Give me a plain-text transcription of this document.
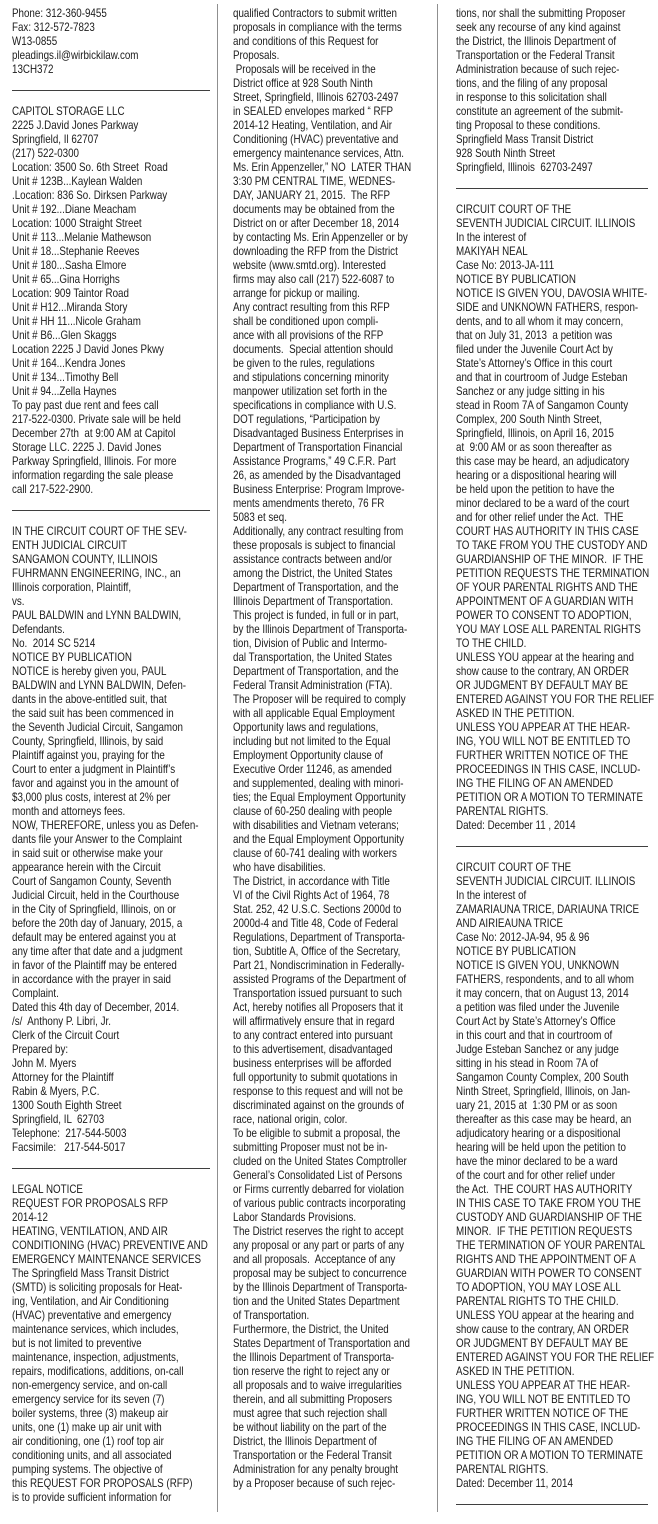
Phone: 312-360-9455
Fax: 312-572-7823
W13-0855
pleadings.il@wirbickilaw.com
13CH372
CAPITOL STORAGE LLC
2225 J.David Jones Parkway
Springfield, Il 62707
(217) 522-0300
Location: 3500 So. 6th Street  Road
Unit # 123B...Kaylean Walden
.Location: 836 So. Dirksen Parkway
Unit # 192...Diane Meacham
Location: 1000 Straight Street
Unit # 113...Melanie Mathewson
Unit # 18...Stephanie Reeves
Unit # 180...Sasha Elmore
Unit # 65...Gina Horrighs
Location: 909 Taintor Road
Unit # H12...Miranda Story
Unit # HH 11...Nicole Graham
Unit # B6...Glen Skaggs
Location 2225 J David Jones Pkwy
Unit # 164...Kendra Jones
Unit # 134...Timothy Bell
Unit # 94...Zella Haynes
To pay past due rent and fees call
217-522-0300. Private sale will be held
December 27th  at 9:00 AM at Capitol
Storage LLC. 2225 J. David Jones
Parkway Springfield, Illinois. For more
information regarding the sale please
call 217-522-2900.
IN THE CIRCUIT COURT OF THE SEV-
ENTH JUDICIAL CIRCUIT
SANGAMON COUNTY, ILLINOIS
FUHRMANN ENGINEERING, INC., an
Illinois corporation, Plaintiff,
vs.
PAUL BALDWIN and LYNN BALDWIN,
Defendants.
No.  2014 SC 5214
NOTICE BY PUBLICATION
NOTICE is hereby given you, PAUL
BALDWIN and LYNN BALDWIN, Defen-
dants in the above-entitled suit, that
the said suit has been commenced in
the Seventh Judicial Circuit, Sangamon
County, Springfield, Illinois, by said
Plaintiff against you, praying for the
Court to enter a judgment in Plaintiff’s
favor and against you in the amount of
$3,000 plus costs, interest at 2% per
month and attorneys fees.
NOW, THEREFORE, unless you as Defen-
dants file your Answer to the Complaint
in said suit or otherwise make your
appearance herein with the Circuit
Court of Sangamon County, Seventh
Judicial Circuit, held in the Courthouse
in the City of Springfield, Illinois, on or
before the 20th day of January, 2015, a
default may be entered against you at
any time after that date and a judgment
in favor of the Plaintiff may be entered
in accordance with the prayer in said
Complaint.
Dated this 4th day of December, 2014.
/s/  Anthony P. Libri, Jr.
Clerk of the Circuit Court
Prepared by:
John M. Myers
Attorney for the Plaintiff
Rabin & Myers, P.C.
1300 South Eighth Street
Springfield, IL  62703
Telephone:  217-544-5003
Facsimile:   217-544-5017
LEGAL NOTICE
REQUEST FOR PROPOSALS RFP
2014-12
HEATING, VENTILATION, AND AIR
CONDITIONING (HVAC) PREVENTIVE AND
EMERGENCY MAINTENANCE SERVICES
The Springfield Mass Transit District
(SMTD) is soliciting proposals for Heat-
ing, Ventilation, and Air Conditioning
(HVAC) preventative and emergency
maintenance services, which includes,
but is not limited to preventive
maintenance, inspection, adjustments,
repairs, modifications, additions, on-call
non-emergency service, and on-call
emergency service for its seven (7)
boiler systems, three (3) makeup air
units, one (1) make up air unit with
air conditioning, one (1) roof top air
conditioning units, and all associated
pumping systems. The objective of
this REQUEST FOR PROPOSALS (RFP)
is to provide sufficient information for
qualified Contractors to submit written
proposals in compliance with the terms
and conditions of this Request for
Proposals.
Proposals will be received in the
District office at 928 South Ninth
Street, Springfield, Illinois 62703-2497
in SEALED envelopes marked “ RFP
2014-12 Heating, Ventilation, and Air
Conditioning (HVAC) preventative and
emergency maintenance services, Attn.
Ms. Erin Appenzeller,” NO  LATER THAN
3:30 PM CENTRAL TIME, WEDNES-
DAY, JANUARY 21, 2015.  The RFP
documents may be obtained from the
District on or after December 18, 2014
by contacting Ms. Erin Appenzeller or by
downloading the RFP from the District
website (www.smtd.org). Interested
firms may also call (217) 522-6087 to
arrange for pickup or mailing.
Any contract resulting from this RFP
shall be conditioned upon compli-
ance with all provisions of the RFP
documents.  Special attention should
be given to the rules, regulations
and stipulations concerning minority
manpower utilization set forth in the
specifications in compliance with U.S.
DOT regulations, “Participation by
Disadvantaged Business Enterprises in
Department of Transportation Financial
Assistance Programs,” 49 C.F.R. Part
26, as amended by the Disadvantaged
Business Enterprise: Program Improve-
ments amendments thereto, 76 FR
5083 et seq.
Additionally, any contract resulting from
these proposals is subject to financial
assistance contracts between and/or
among the District, the United States
Department of Transportation, and the
Illinois Department of Transportation.
This project is funded, in full or in part,
by the Illinois Department of Transporta-
tion, Division of Public and Intermo-
dal Transportation, the United States
Department of Transportation, and the
Federal Transit Administration (FTA).
The Proposer will be required to comply
with all applicable Equal Employment
Opportunity laws and regulations,
including but not limited to the Equal
Employment Opportunity clause of
Executive Order 11246, as amended
and supplemented, dealing with minori-
ties; the Equal Employment Opportunity
clause of 60-250 dealing with people
with disabilities and Vietnam veterans;
and the Equal Employment Opportunity
clause of 60-741 dealing with workers
who have disabilities.
The District, in accordance with Title
VI of the Civil Rights Act of 1964, 78
Stat. 252, 42 U.S.C. Sections 2000d to
2000d-4 and Title 48, Code of Federal
Regulations, Department of Transporta-
tion, Subtitle A, Office of the Secretary,
Part 21, Nondiscrimination in Federally-
assisted Programs of the Department of
Transportation issued pursuant to such
Act, hereby notifies all Proposers that it
will affirmatively ensure that in regard
to any contract entered into pursuant
to this advertisement, disadvantaged
business enterprises will be afforded
full opportunity to submit quotations in
response to this request and will not be
discriminated against on the grounds of
race, national origin, color.
To be eligible to submit a proposal, the
submitting Proposer must not be in-
cluded on the United States Comptroller
General’s Consolidated List of Persons
or Firms currently debarred for violation
of various public contracts incorporating
Labor Standards Provisions.
The District reserves the right to accept
any proposal or any part or parts of any
and all proposals.  Acceptance of any
proposal may be subject to concurrence
by the Illinois Department of Transporta-
tion and the United States Department
of Transportation.
Furthermore, the District, the United
States Department of Transportation and
the Illinois Department of Transporta-
tion reserve the right to reject any or
all proposals and to waive irregularities
therein, and all submitting Proposers
must agree that such rejection shall
be without liability on the part of the
District, the Illinois Department of
Transportation or the Federal Transit
Administration for any penalty brought
by a Proposer because of such rejec-
tions, nor shall the submitting Proposer
seek any recourse of any kind against
the District, the Illinois Department of
Transportation or the Federal Transit
Administration because of such rejec-
tions, and the filing of any proposal
in response to this solicitation shall
constitute an agreement of the submit-
ting Proposal to these conditions.
Springfield Mass Transit District
928 South Ninth Street
Springfield, Illinois  62703-2497
CIRCUIT COURT OF THE
SEVENTH JUDICIAL CIRCUIT. ILLINOIS
In the interest of
MAKIYAH NEAL
Case No: 2013-JA-111
NOTICE BY PUBLICATION
NOTICE IS GIVEN YOU, DAVOSIA WHITE-
SIDE and UNKNOWN FATHERS, respon-
dents, and to all whom it may concern,
that on July 31, 2013  a petition was
filed under the Juvenile Court Act by
State’s Attorney’s Office in this court
and that in courtroom of Judge Esteban
Sanchez or any judge sitting in his
stead in Room 7A of Sangamon County
Complex, 200 South Ninth Street,
Springfield, Illinois, on April 16, 2015
at  9:00 AM or as soon thereafter as
this case may be heard, an adjudicatory
hearing or a dispositional hearing will
be held upon the petition to have the
minor declared to be a ward of the court
and for other relief under the Act.  THE
COURT HAS AUTHORITY IN THIS CASE
TO TAKE FROM YOU THE CUSTODY AND
GUARDIANSHIP OF THE MINOR.  IF THE
PETITION REQUESTS THE TERMINATION
OF YOUR PARENTAL RIGHTS AND THE
APPOINTMENT OF A GUARDIAN WITH
POWER TO CONSENT TO ADOPTION,
YOU MAY LOSE ALL PARENTAL RIGHTS
TO THE CHILD.
UNLESS YOU appear at the hearing and
show cause to the contrary, AN ORDER
OR JUDGMENT BY DEFAULT MAY BE
ENTERED AGAINST YOU FOR THE RELIEF
ASKED IN THE PETITION.
UNLESS YOU APPEAR AT THE HEAR-
ING, YOU WILL NOT BE ENTITLED TO
FURTHER WRITTEN NOTICE OF THE
PROCEEDINGS IN THIS CASE, INCLUD-
ING THE FILING OF AN AMENDED
PETITION OR A MOTION TO TERMINATE
PARENTAL RIGHTS.
Dated: December 11 , 2014
CIRCUIT COURT OF THE
SEVENTH JUDICIAL CIRCUIT. ILLINOIS
In the interest of
ZAMARIAUNA TRICE, DARIAUNA TRICE
AND AIRIEAUNA TRICE
Case No: 2012-JA-94, 95 & 96
NOTICE BY PUBLICATION
NOTICE IS GIVEN YOU, UNKNOWN
FATHERS, respondents, and to all whom
it may concern, that on August 13, 2014
a petition was filed under the Juvenile
Court Act by State’s Attorney’s Office
in this court and that in courtroom of
Judge Esteban Sanchez or any judge
sitting in his stead in Room 7A of
Sangamon County Complex, 200 South
Ninth Street, Springfield, Illinois, on Jan-
uary 21, 2015 at  1:30 PM or as soon
thereafter as this case may be heard, an
adjudicatory hearing or a dispositional
hearing will be held upon the petition to
have the minor declared to be a ward
of the court and for other relief under
the Act.  THE COURT HAS AUTHORITY
IN THIS CASE TO TAKE FROM YOU THE
CUSTODY AND GUARDIANSHIP OF THE
MINOR.  IF THE PETITION REQUESTS
THE TERMINATION OF YOUR PARENTAL
RIGHTS AND THE APPOINTMENT OF A
GUARDIAN WITH POWER TO CONSENT
TO ADOPTION, YOU MAY LOSE ALL
PARENTAL RIGHTS TO THE CHILD.
UNLESS YOU appear at the hearing and
show cause to the contrary, AN ORDER
OR JUDGMENT BY DEFAULT MAY BE
ENTERED AGAINST YOU FOR THE RELIEF
ASKED IN THE PETITION.
UNLESS YOU APPEAR AT THE HEAR-
ING, YOU WILL NOT BE ENTITLED TO
FURTHER WRITTEN NOTICE OF THE
PROCEEDINGS IN THIS CASE, INCLUD-
ING THE FILING OF AN AMENDED
PETITION OR A MOTION TO TERMINATE
PARENTAL RIGHTS.
Dated: December 11, 2014
